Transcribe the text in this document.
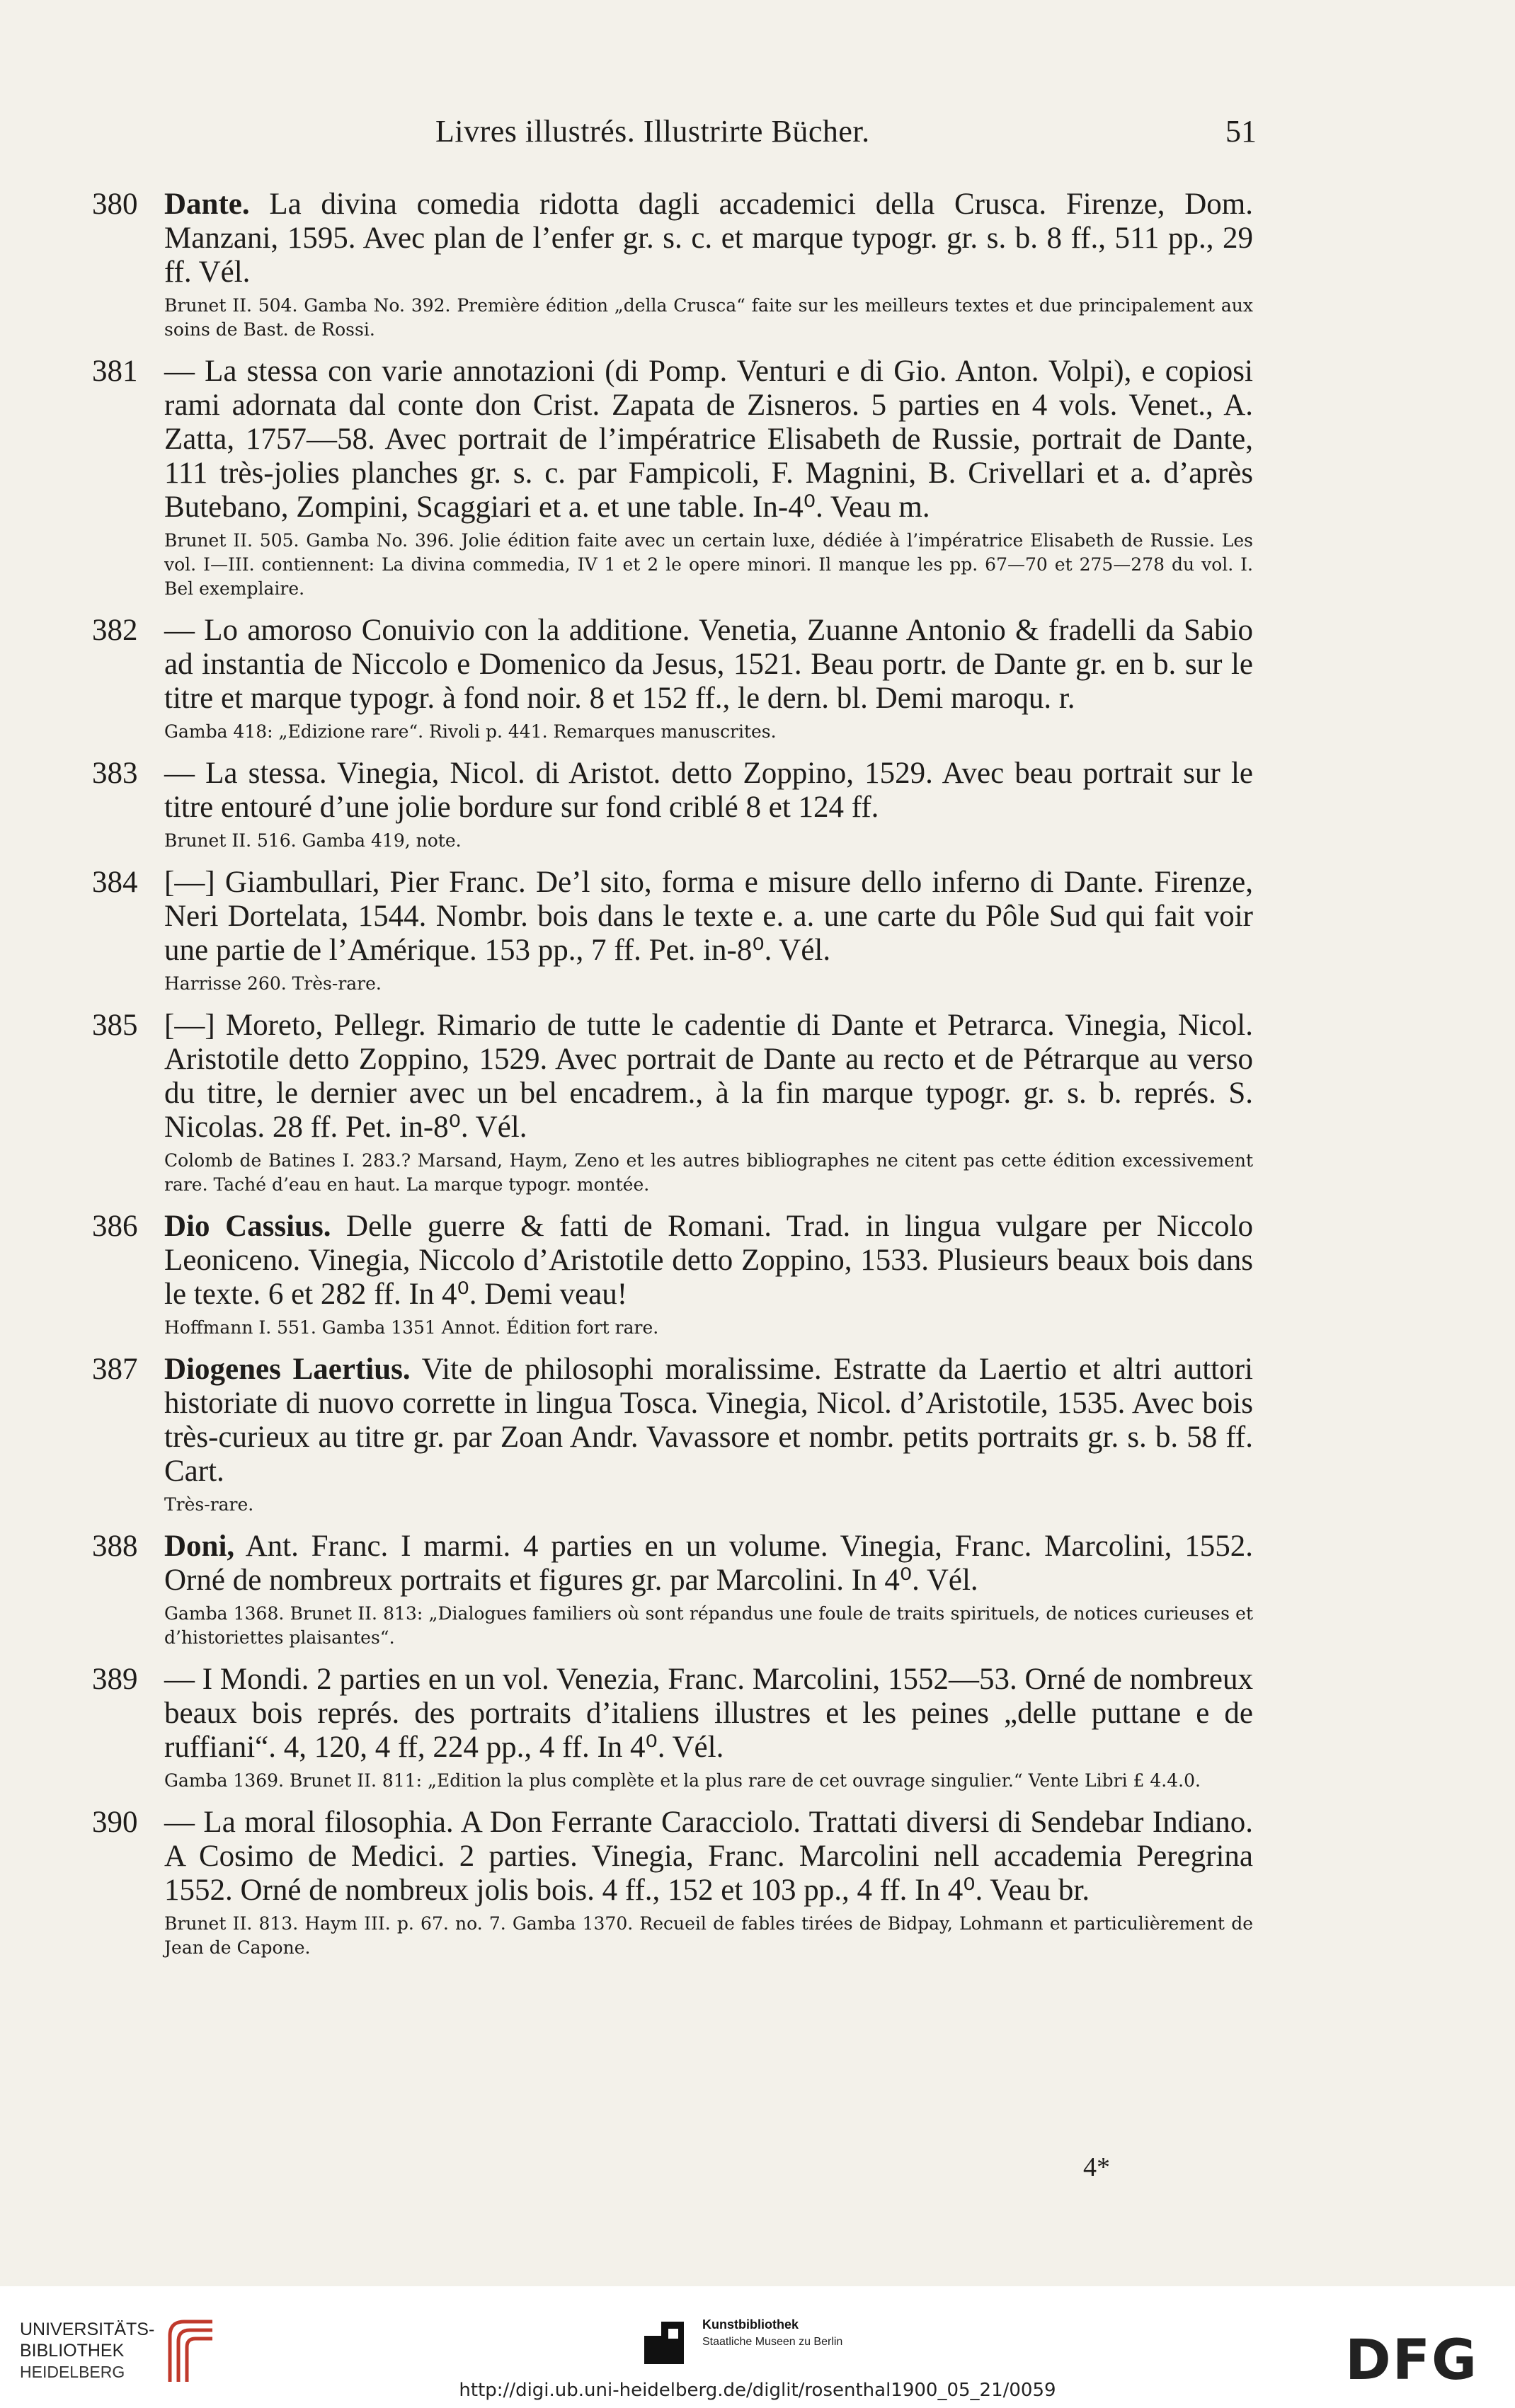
Livres illustrés. Illustrirte Bücher.	51
380 Dante. La divina comedia ridotta dagli accademici della Crusca. Firenze, Dom. Manzani, 1595. Avec plan de l’enfer gr. s. c. et marque typogr. gr. s. b. 8 ff., 511 pp., 29 ff. Vél.
Brunet II. 504. Gamba No. 392. Première édition „della Crusca“ faite sur les meilleurs textes et due principalement aux soins de Bast. de Rossi.
381 — La stessa con varie annotazioni (di Pomp. Venturi e di Gio. Anton. Volpi), e copiosi rami adornata dal conte don Crist. Zapata de Zisneros. 5 parties en 4 vols. Venet., A. Zatta, 1757—58. Avec portrait de l’impératrice Elisabeth de Russie, portrait de Dante, 111 très-jolies planches gr. s. c. par Fampicoli, F. Magnini, B. Crivellari et a. d’après Butebano, Zompini, Scaggiari et a. et une table. In-4⁰. Veau m.
Brunet II. 505. Gamba No. 396. Jolie édition faite avec un certain luxe, dédiée à l’impératrice Elisabeth de Russie. Les vol. I—III. contiennent: La divina commedia, IV 1 et 2 le opere minori. Il manque les pp. 67—70 et 275—278 du vol. I. Bel exemplaire.
382 — Lo amoroso Conuivio con la additione. Venetia, Zuanne Antonio & fradelli da Sabio ad instantia de Niccolo e Domenico da Jesus, 1521. Beau portr. de Dante gr. en b. sur le titre et marque typogr. à fond noir. 8 et 152 ff., le dern. bl. Demi maroqu. r.
Gamba 418: „Edizione rare“. Rivoli p. 441. Remarques manuscrites.
383 — La stessa. Vinegia, Nicol. di Aristot. detto Zoppino, 1529. Avec beau portrait sur le titre entouré d’une jolie bordure sur fond criblé 8 et 124 ff.
Brunet II. 516. Gamba 419, note.
384 [—] Giambullari, Pier Franc. De’l sito, forma e misure dello inferno di Dante. Firenze, Neri Dortelata, 1544. Nombr. bois dans le texte e. a. une carte du Pôle Sud qui fait voir une partie de l’Amérique. 153 pp., 7 ff. Pet. in-8⁰. Vél.
Harrisse 260. Très-rare.
385 [—] Moreto, Pellegr. Rimario de tutte le cadentie di Dante et Petrarca. Vinegia, Nicol. Aristotile detto Zoppino, 1529. Avec portrait de Dante au recto et de Pétrarque au verso du titre, le dernier avec un bel encadrem., à la fin marque typogr. gr. s. b. représ. S. Nicolas. 28 ff. Pet. in-8⁰. Vél.
Colomb de Batines I. 283.? Marsand, Haym, Zeno et les autres bibliographes ne citent pas cette édition excessivement rare. Taché d’eau en haut. La marque typogr. montée.
386 Dio Cassius. Delle guerre & fatti de Romani. Trad. in lingua vulgare per Niccolo Leoniceno. Vinegia, Niccolo d’Aristotile detto Zoppino, 1533. Plusieurs beaux bois dans le texte. 6 et 282 ff. In 4⁰. Demi veau!
Hoffmann I. 551. Gamba 1351 Annot. Édition fort rare.
387 Diogenes Laertius. Vite de philosophi moralissime. Estratte da Laertio et altri auttori historiate di nuovo corrette in lingua Tosca. Vinegia, Nicol. d’Aristotile, 1535. Avec bois très-curieux au titre gr. par Zoan Andr. Vavassore et nombr. petits portraits gr. s. b. 58 ff. Cart.
Très-rare.
388 Doni, Ant. Franc. I marmi. 4 parties en un volume. Vinegia, Franc. Marcolini, 1552. Orné de nombreux portraits et figures gr. par Marcolini. In 4⁰. Vél.
Gamba 1368. Brunet II. 813: „Dialogues familiers où sont répandus une foule de traits spirituels, de notices curieuses et d’historiettes plaisantes“.
389 — I Mondi. 2 parties en un vol. Venezia, Franc. Marcolini, 1552—53. Orné de nombreux beaux bois représ. des portraits d’italiens illustres et les peines „delle puttane e de ruffiani“. 4, 120, 4 ff, 224 pp., 4 ff. In 4⁰. Vél.
Gamba 1369. Brunet II. 811: „Edition la plus complète et la plus rare de cet ouvrage singulier.“ Vente Libri £ 4.4.0.
390 — La moral filosophia. A Don Ferrante Caracciolo. Trattati diversi di Sendebar Indiano. A Cosimo de Medici. 2 parties. Vinegia, Franc. Marcolini nell accademia Peregrina 1552. Orné de nombreux jolis bois. 4 ff., 152 et 103 pp., 4 ff. In 4⁰. Veau br.
Brunet II. 813. Haym III. p. 67. no. 7. Gamba 1370. Recueil de fables tirées de Bidpay, Lohmann et particulièrement de Jean de Capone.
4*
UNIVERSITÄTS-
BIBLIOTHEK
HEIDELBERG
Kunstbibliothek
Staatliche Museen zu Berlin	DFG
http://digi.ub.uni-heidelberg.de/diglit/rosenthal1900_05_21/0059
